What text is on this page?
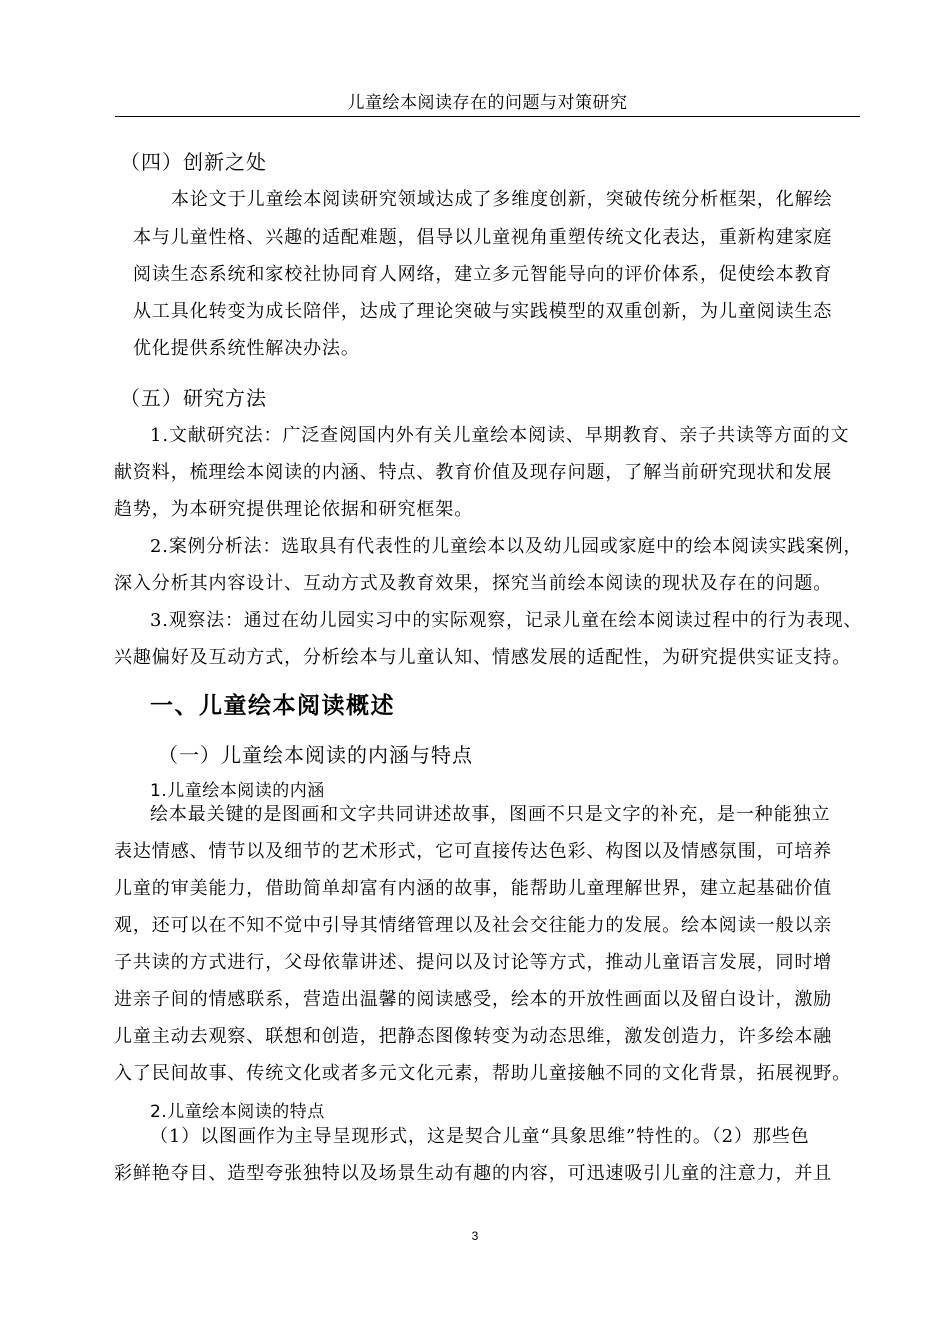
儿童绘本阅读存在的问题与对策研究
（四）创新之处
本论文于儿童绘本阅读研究领域达成了多维度创新，突破传统分析框架，化解绘
本与儿童性格、兴趣的适配难题，倡导以儿童视角重塑传统文化表达，重新构建家庭
阅读生态系统和家校社协同育人网络，建立多元智能导向的评价体系，促使绘本教育
从工具化转变为成长陪伴，达成了理论突破与实践模型的双重创新，为儿童阅读生态
优化提供系统性解决办法。
（五）研究方法
1.文献研究法：广泛查阅国内外有关儿童绘本阅读、早期教育、亲子共读等方面的文
献资料，梳理绘本阅读的内涵、特点、教育价值及现存问题，了解当前研究现状和发展
趋势，为本研究提供理论依据和研究框架。
2.案例分析法：选取具有代表性的儿童绘本以及幼儿园或家庭中的绘本阅读实践案例，
深入分析其内容设计、互动方式及教育效果，探究当前绘本阅读的现状及存在的问题。
3.观察法：通过在幼儿园实习中的实际观察，记录儿童在绘本阅读过程中的行为表现、
兴趣偏好及互动方式，分析绘本与儿童认知、情感发展的适配性，为研究提供实证支持。
一、儿童绘本阅读概述
（一）儿童绘本阅读的内涵与特点
1.儿童绘本阅读的内涵
绘本最关键的是图画和文字共同讲述故事，图画不只是文字的补充，是一种能独立
表达情感、情节以及细节的艺术形式，它可直接传达色彩、构图以及情感氛围，可培养
儿童的审美能力，借助简单却富有内涵的故事，能帮助儿童理解世界，建立起基础价值
观，还可以在不知不觉中引导其情绪管理以及社会交往能力的发展。绘本阅读一般以亲
子共读的方式进行，父母依靠讲述、提问以及讨论等方式，推动儿童语言发展，同时增
进亲子间的情感联系，营造出温馨的阅读感受，绘本的开放性画面以及留白设计，激励
儿童主动去观察、联想和创造，把静态图像转变为动态思维，激发创造力，许多绘本融
入了民间故事、传统文化或者多元文化元素，帮助儿童接触不同的文化背景，拓展视野。
2.儿童绘本阅读的特点
（1）以图画作为主导呈现形式，这是契合儿童“具象思维”特性的。（2）那些色
彩鲜艳夺目、造型夸张独特以及场景生动有趣的内容，可迅速吸引儿童的注意力，并且
3
